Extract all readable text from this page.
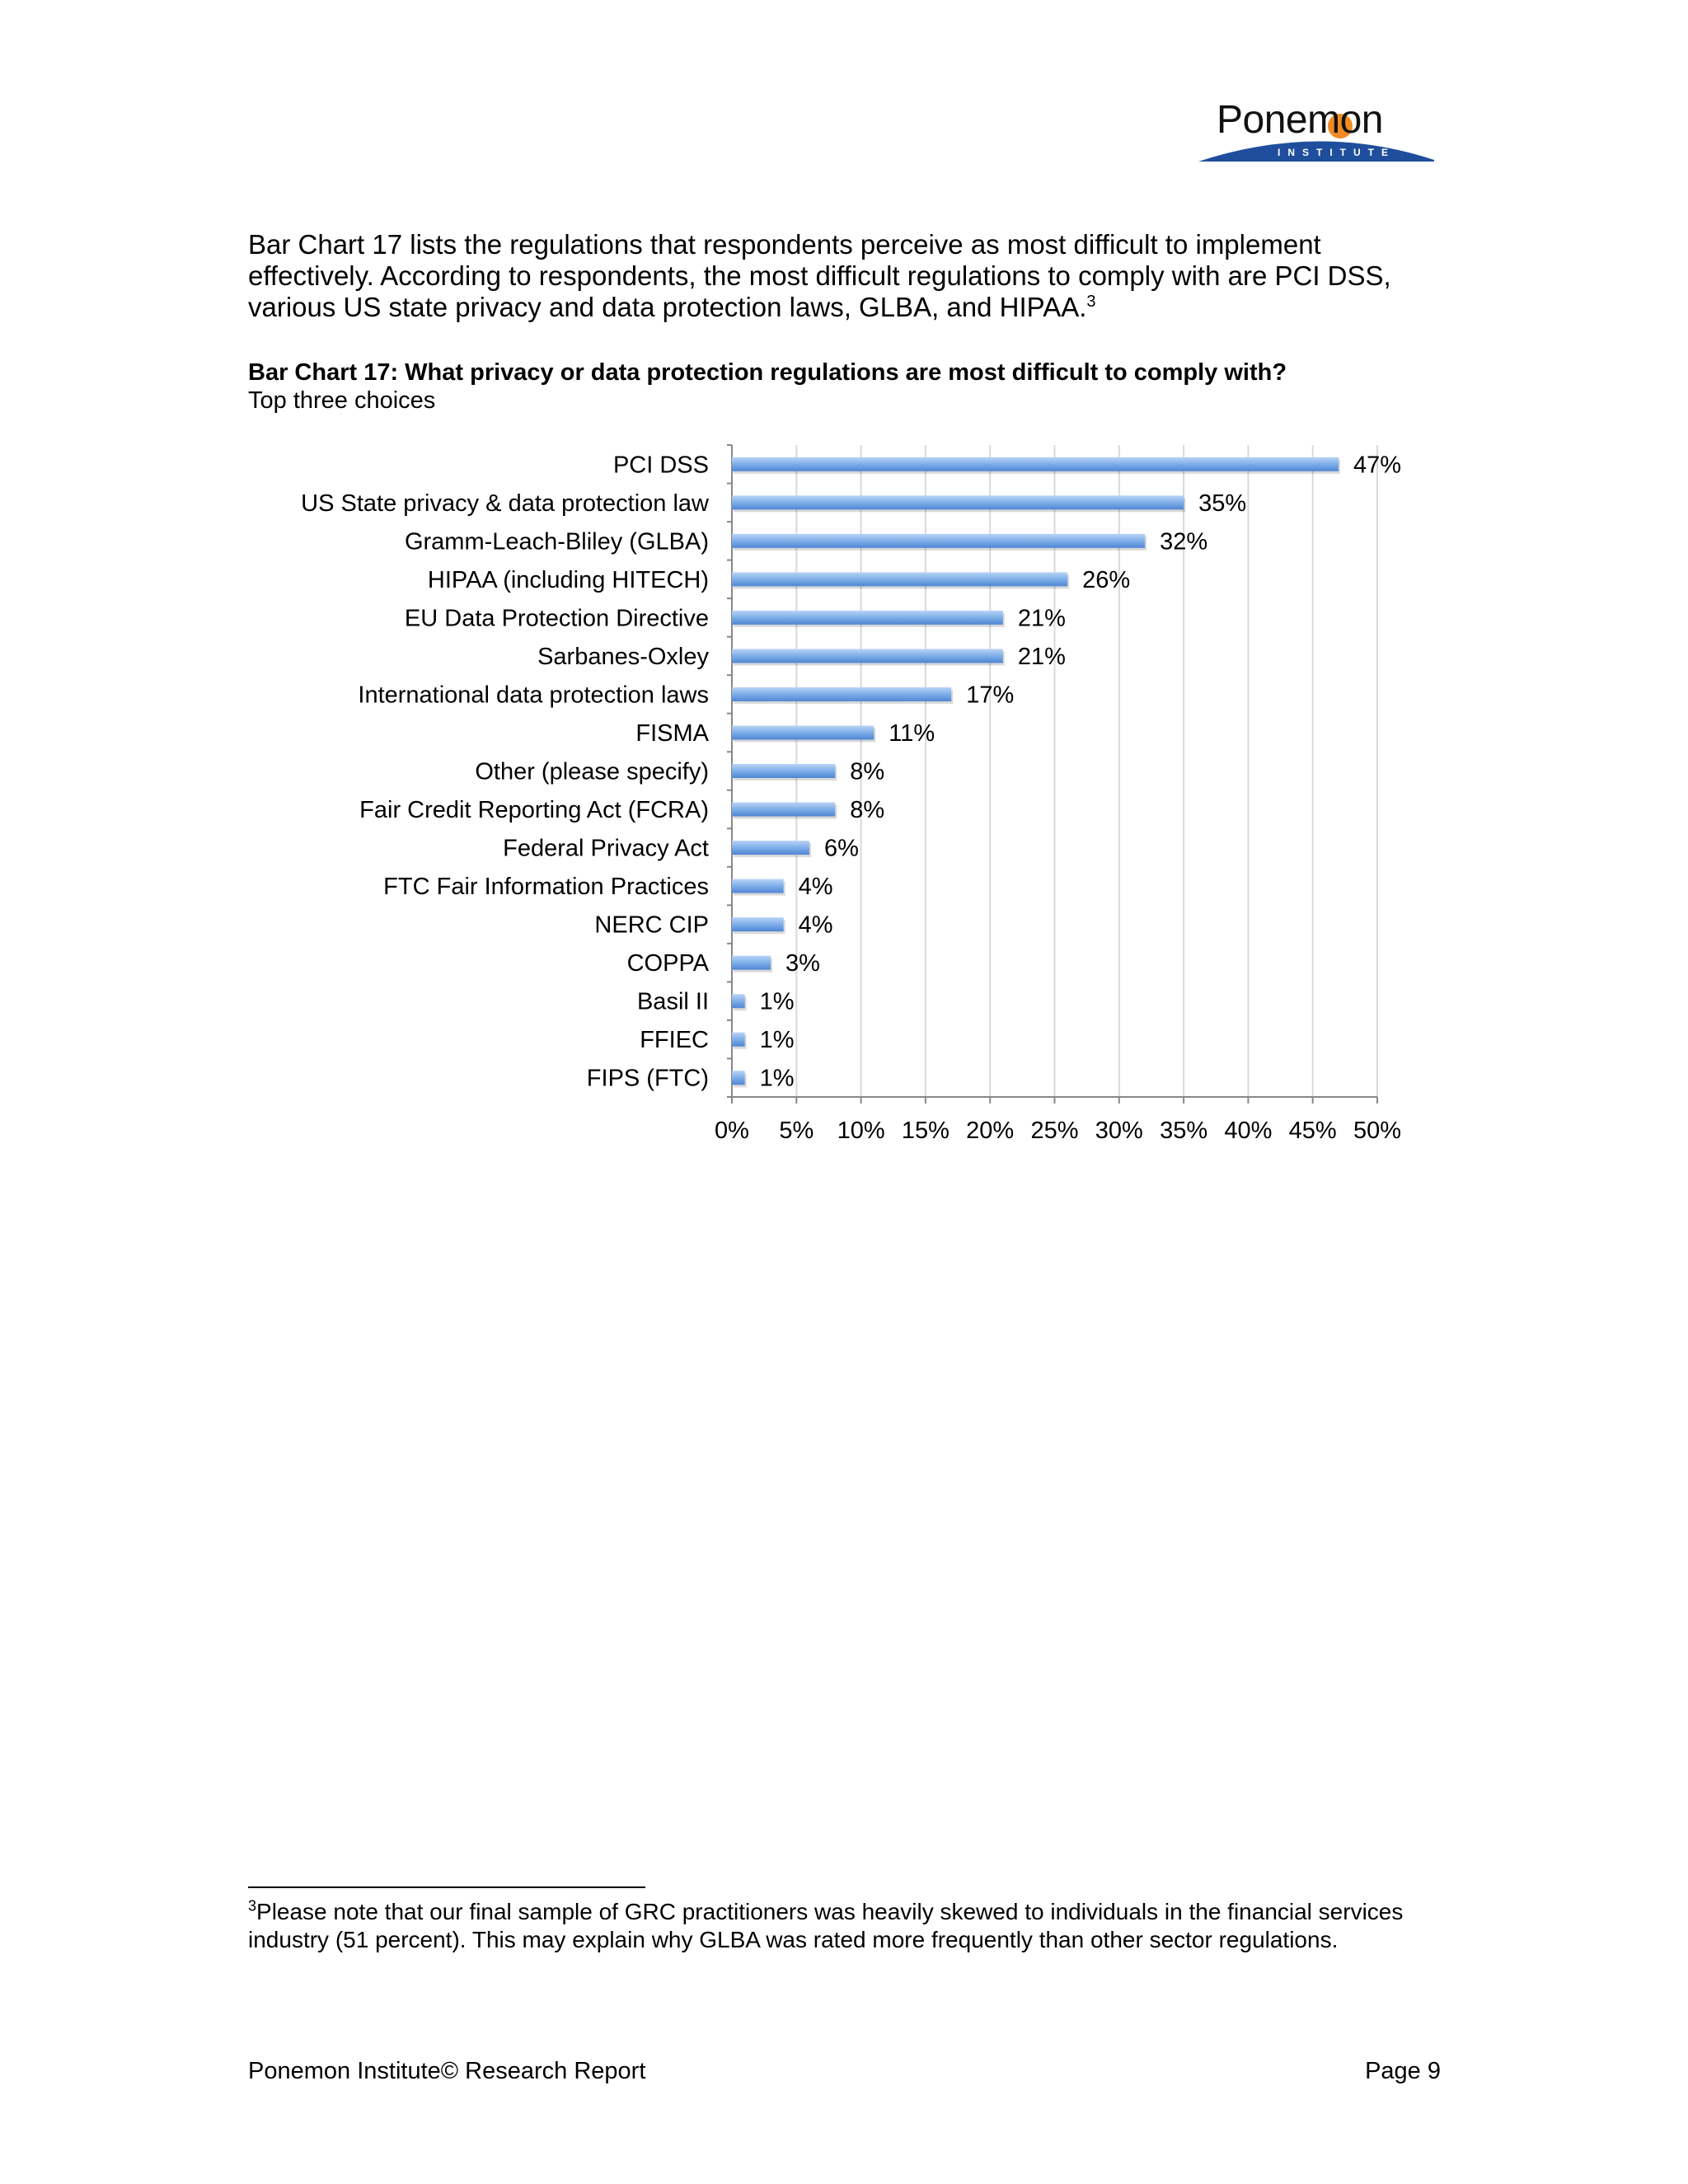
Ponemon
INSTITUTE
Bar Chart 17 lists the regulations that respondents perceive as most difficult to implement effectively. According to respondents, the most difficult regulations to comply with are PCI DSS, various US state privacy and data protection laws, GLBA, and HIPAA.$^3$
Bar Chart 17: What privacy or data protection regulations are most difficult to comply with?
Top three choices
0% 5% 10% 15% 20% 25% 30% 35% 40% 45% 50%
PCI DSS	47%
US State privacy & data protection law	35%
Gramm-Leach-Bliley (GLBA)	32%
HIPAA (including HITECH)	26%
EU Data Protection Directive	21%
Sarbanes-Oxley	21%
International data protection laws	17%
FISMA	11%
Other (please specify)	8%
Fair Credit Reporting Act (FCRA)	8%
Federal Privacy Act	6%
FTC Fair Information Practices	4%
NERC CIP	4%
COPPA	3%
Basil II 1%
FFIEC 1%
FIPS (FTC) 1%
$^3$Please note that our final sample of GRC practitioners was heavily skewed to individuals in the financial services industry (51 percent). This may explain why GLBA was rated more frequently than other sector regulations.
Ponemon Institute© Research Report	Page 9
